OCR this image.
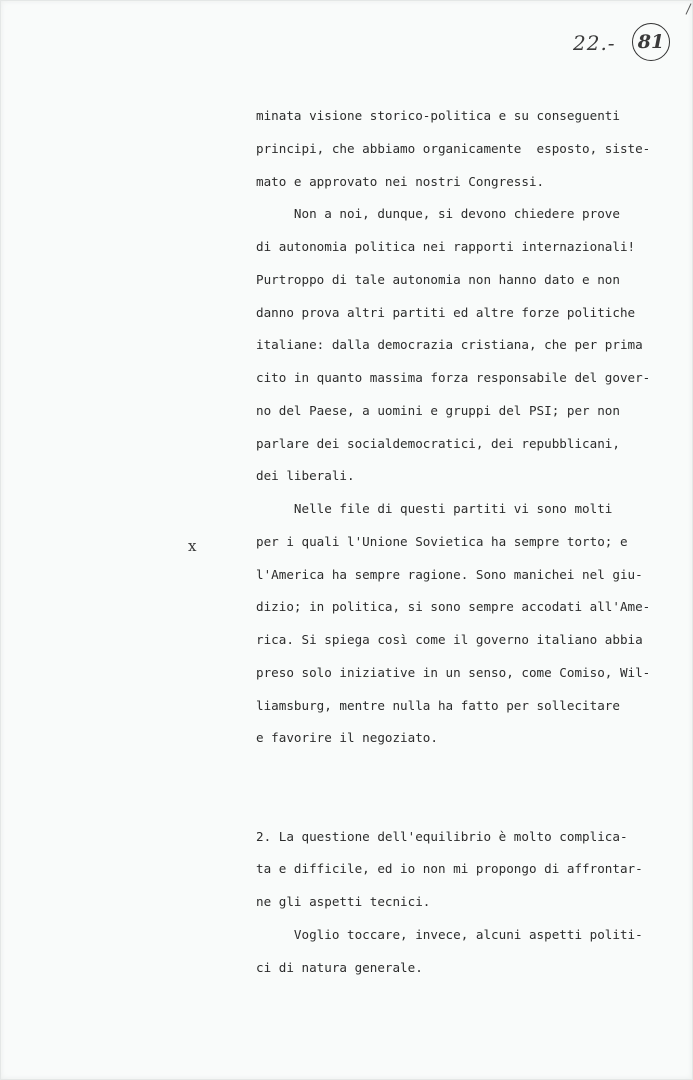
22.-	81
x
minata visione storico-politica e su conseguenti
principi, che abbiamo organicamente  esposto, siste-
mato e approvato nei nostri Congressi.
Non a noi, dunque, si devono chiedere prove
di autonomia politica nei rapporti internazionali!
Purtroppo di tale autonomia non hanno dato e non
danno prova altri partiti ed altre forze politiche
italiane: dalla democrazia cristiana, che per prima
cito in quanto massima forza responsabile del gover-
no del Paese, a uomini e gruppi del PSI; per non
parlare dei socialdemocratici, dei repubblicani,
dei liberali.
Nelle file di questi partiti vi sono molti
per i quali l'Unione Sovietica ha sempre torto; e
l'America ha sempre ragione. Sono manichei nel giu-
dizio; in politica, si sono sempre accodati all'Ame-
rica. Si spiega così come il governo italiano abbia
preso solo iniziative in un senso, come Comiso, Wil-
liamsburg, mentre nulla ha fatto per sollecitare
e favorire il negoziato.
2. La questione dell'equilibrio è molto complica-
ta e difficile, ed io non mi propongo di affrontar-
ne gli aspetti tecnici.
Voglio toccare, invece, alcuni aspetti politi-
ci di natura generale.
